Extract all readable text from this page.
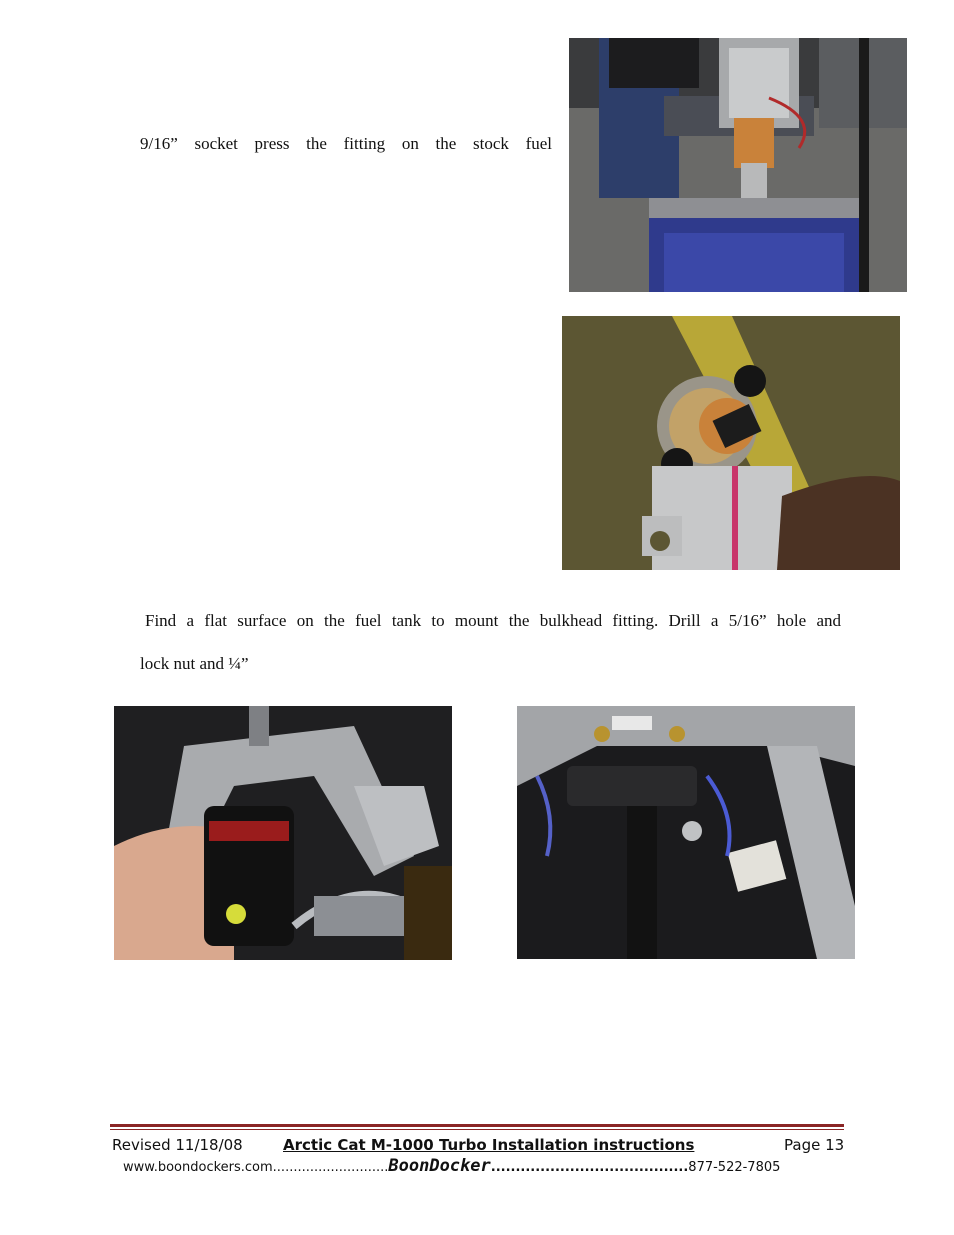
9/16” socket press the fitting on the stock fuel
Find a flat surface on the fuel tank to mount the bulkhead fitting. Drill a 5/16” hole and
lock nut and ¼”
Revised 11/18/08	Arctic Cat M-1000 Turbo Installation instructions	Page 13
www.boondockers.com............................BoonDocker........................................877-522-7805
